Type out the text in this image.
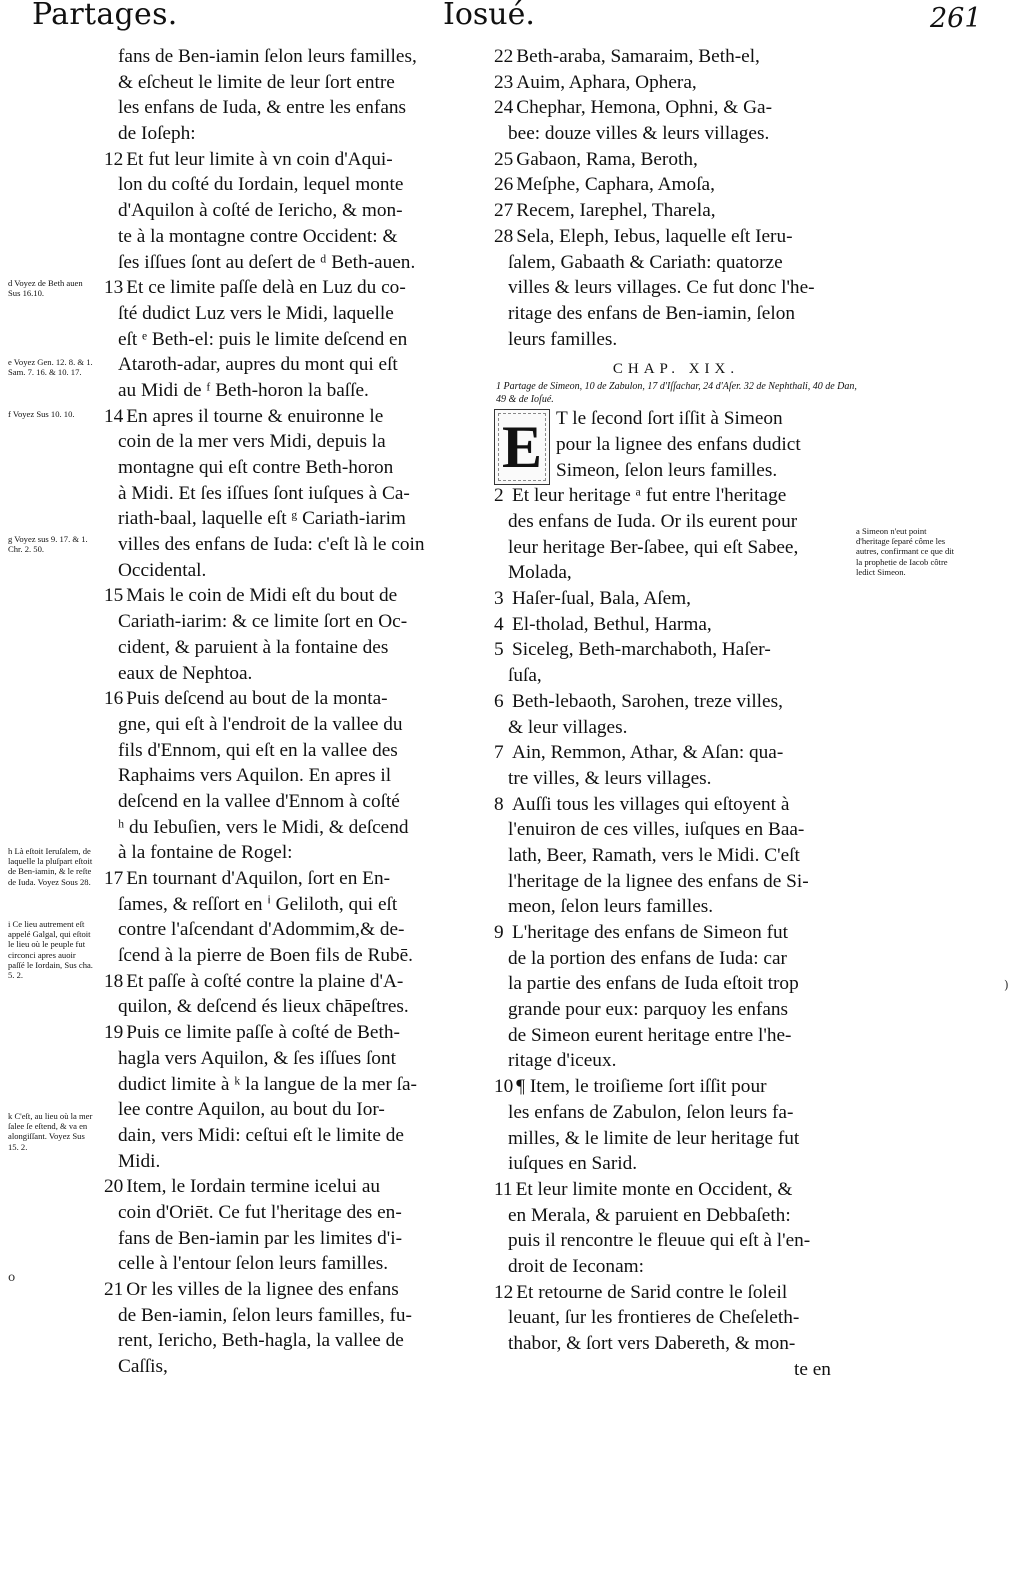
Partages.	Iosué.	261
fans de Ben-iamin ſelon leurs familles,
& eſcheut le limite de leur ſort entre
les enfans de Iuda, & entre les enfans
de Ioſeph:
12 Et fut leur limite à vn coin d'Aqui-
lon du coſté du Iordain, lequel monte
d'Aquilon à coſté de Iericho, & mon-
te à la montagne contre Occident: &
ſes iſſues ſont au deſert de ᵈ Beth-auen.
13 Et ce limite paſſe delà en Luz du co-
ſté dudict Luz vers le Midi, laquelle
eſt ᵉ Beth-el: puis le limite deſcend en
Ataroth-adar, aupres du mont qui eſt
au Midi de ᶠ Beth-horon la baſſe.
14 En apres il tourne & enuironne le
coin de la mer vers Midi, depuis la
montagne qui eſt contre Beth-horon
à Midi. Et ſes iſſues ſont iuſques à Ca-
riath-baal, laquelle eſt ᵍ Cariath-iarim
villes des enfans de Iuda: c'eſt là le coin
Occidental.
15 Mais le coin de Midi eſt du bout de
Cariath-iarim: & ce limite ſort en Oc-
cident, & paruient à la fontaine des
eaux de Nephtoa.
16 Puis deſcend au bout de la monta-
gne, qui eſt à l'endroit de la vallee du
fils d'Ennom, qui eſt en la vallee des
Raphaims vers Aquilon. En apres il
deſcend en la vallee d'Ennom à coſté
ʰ du Iebuſien, vers le Midi, & deſcend
à la fontaine de Rogel:
17 En tournant d'Aquilon, ſort en En-
ſames, & reſſort en ⁱ Geliloth, qui eſt
contre l'aſcendant d'Adommim,& de-
ſcend à la pierre de Boen fils de Rubē.
18 Et paſſe à coſté contre la plaine d'A-
quilon, & deſcend és lieux chāpeſtres.
19 Puis ce limite paſſe à coſté de Beth-
hagla vers Aquilon, & ſes iſſues ſont
dudict limite à ᵏ la langue de la mer ſa-
lee contre Aquilon, au bout du Ior-
dain, vers Midi: ceſtui eſt le limite de
Midi.
20 Item, le Iordain termine icelui au
coin d'Oriēt. Ce fut l'heritage des en-
fans de Ben-iamin par les limites d'i-
celle à l'entour ſelon leurs familles.
21 Or les villes de la lignee des enfans
de Ben-iamin, ſelon leurs familles, fu-
rent, Iericho, Beth-hagla, la vallee de
Caſſis,
22 Beth-araba, Samaraim, Beth-el,
23 Auim, Aphara, Ophera,
24 Chephar, Hemona, Ophni, & Ga-
bee: douze villes & leurs villages.
25 Gabaon, Rama, Beroth,
26 Meſphe, Caphara, Amoſa,
27 Recem, Iarephel, Tharela,
28 Sela, Eleph, Iebus, laquelle eſt Ieru-
ſalem, Gabaath & Cariath: quatorze
villes & leurs villages. Ce fut donc l'he-
ritage des enfans de Ben-iamin, ſelon
leurs familles.
CHAP. XIX.
1 Partage de Simeon, 10 de Zabulon, 17 d'Iſſachar, 24 d'Aſer. 32 de Nephthali, 40 de Dan, 49 & de Ioſué.
E T le ſecond ſort iſſit à Simeon
pour la lignee des enfans dudict
Simeon, ſelon leurs familles.
2 Et leur heritage ᵃ fut entre l'heritage
des enfans de Iuda. Or ils eurent pour
leur heritage Ber-ſabee, qui eſt Sabee,
Molada,
3 Haſer-ſual, Bala, Aſem,
4 El-tholad, Bethul, Harma,
5 Siceleg, Beth-marchaboth, Haſer-
ſuſa,
6 Beth-lebaoth, Sarohen, treze villes,
& leur villages.
7 Ain, Remmon, Athar, & Aſan: qua-
tre villes, & leurs villages.
8 Auſſi tous les villages qui eſtoyent à
l'enuiron de ces villes, iuſques en Baa-
lath, Beer, Ramath, vers le Midi. C'eſt
l'heritage de la lignee des enfans de Si-
meon, ſelon leurs familles.
9 L'heritage des enfans de Simeon fut
de la portion des enfans de Iuda: car
la partie des enfans de Iuda eſtoit trop
grande pour eux: parquoy les enfans
de Simeon eurent heritage entre l'he-
ritage d'iceux.
10 ¶ Item, le troiſieme ſort iſſit pour
les enfans de Zabulon, ſelon leurs fa-
milles, & le limite de leur heritage fut
iuſques en Sarid.
11 Et leur limite monte en Occident, &
en Merala, & paruient en Debbaſeth:
puis il rencontre le fleuue qui eſt à l'en-
droit de Ieconam:
12 Et retourne de Sarid contre le ſoleil
leuant, ſur les frontieres de Cheſeleth-
thabor, & ſort vers Dabereth, & mon-
te en
d Voyez de Beth auen Sus 16.10.
e Voyez Gen. 12. 8. & 1. Sam. 7. 16. & 10. 17.
f Voyez Sus 10. 10.
g Voyez sus 9. 17. & 1. Chr. 2. 50.
h Là eſtoit Ieruſalem, de laquelle la pluſpart eſtoit de Ben-iamin, & le reſte de Iuda. Voyez Sous 28.
i Ce lieu autrement eſt appelé Galgal, qui eſtoit le lieu où le peuple fut circonci apres auoir paſſé le Iordain, Sus cha. 5. 2.
k C'eſt, au lieu où la mer ſalee ſe eſtend, & va en alongiſſant. Voyez Sus 15. 2.
a Simeon n'eut point d'heritage ſeparé côme les autres, confirmant ce que dit la prophetie de Iacob côtre ledict Simeon.
o
)
